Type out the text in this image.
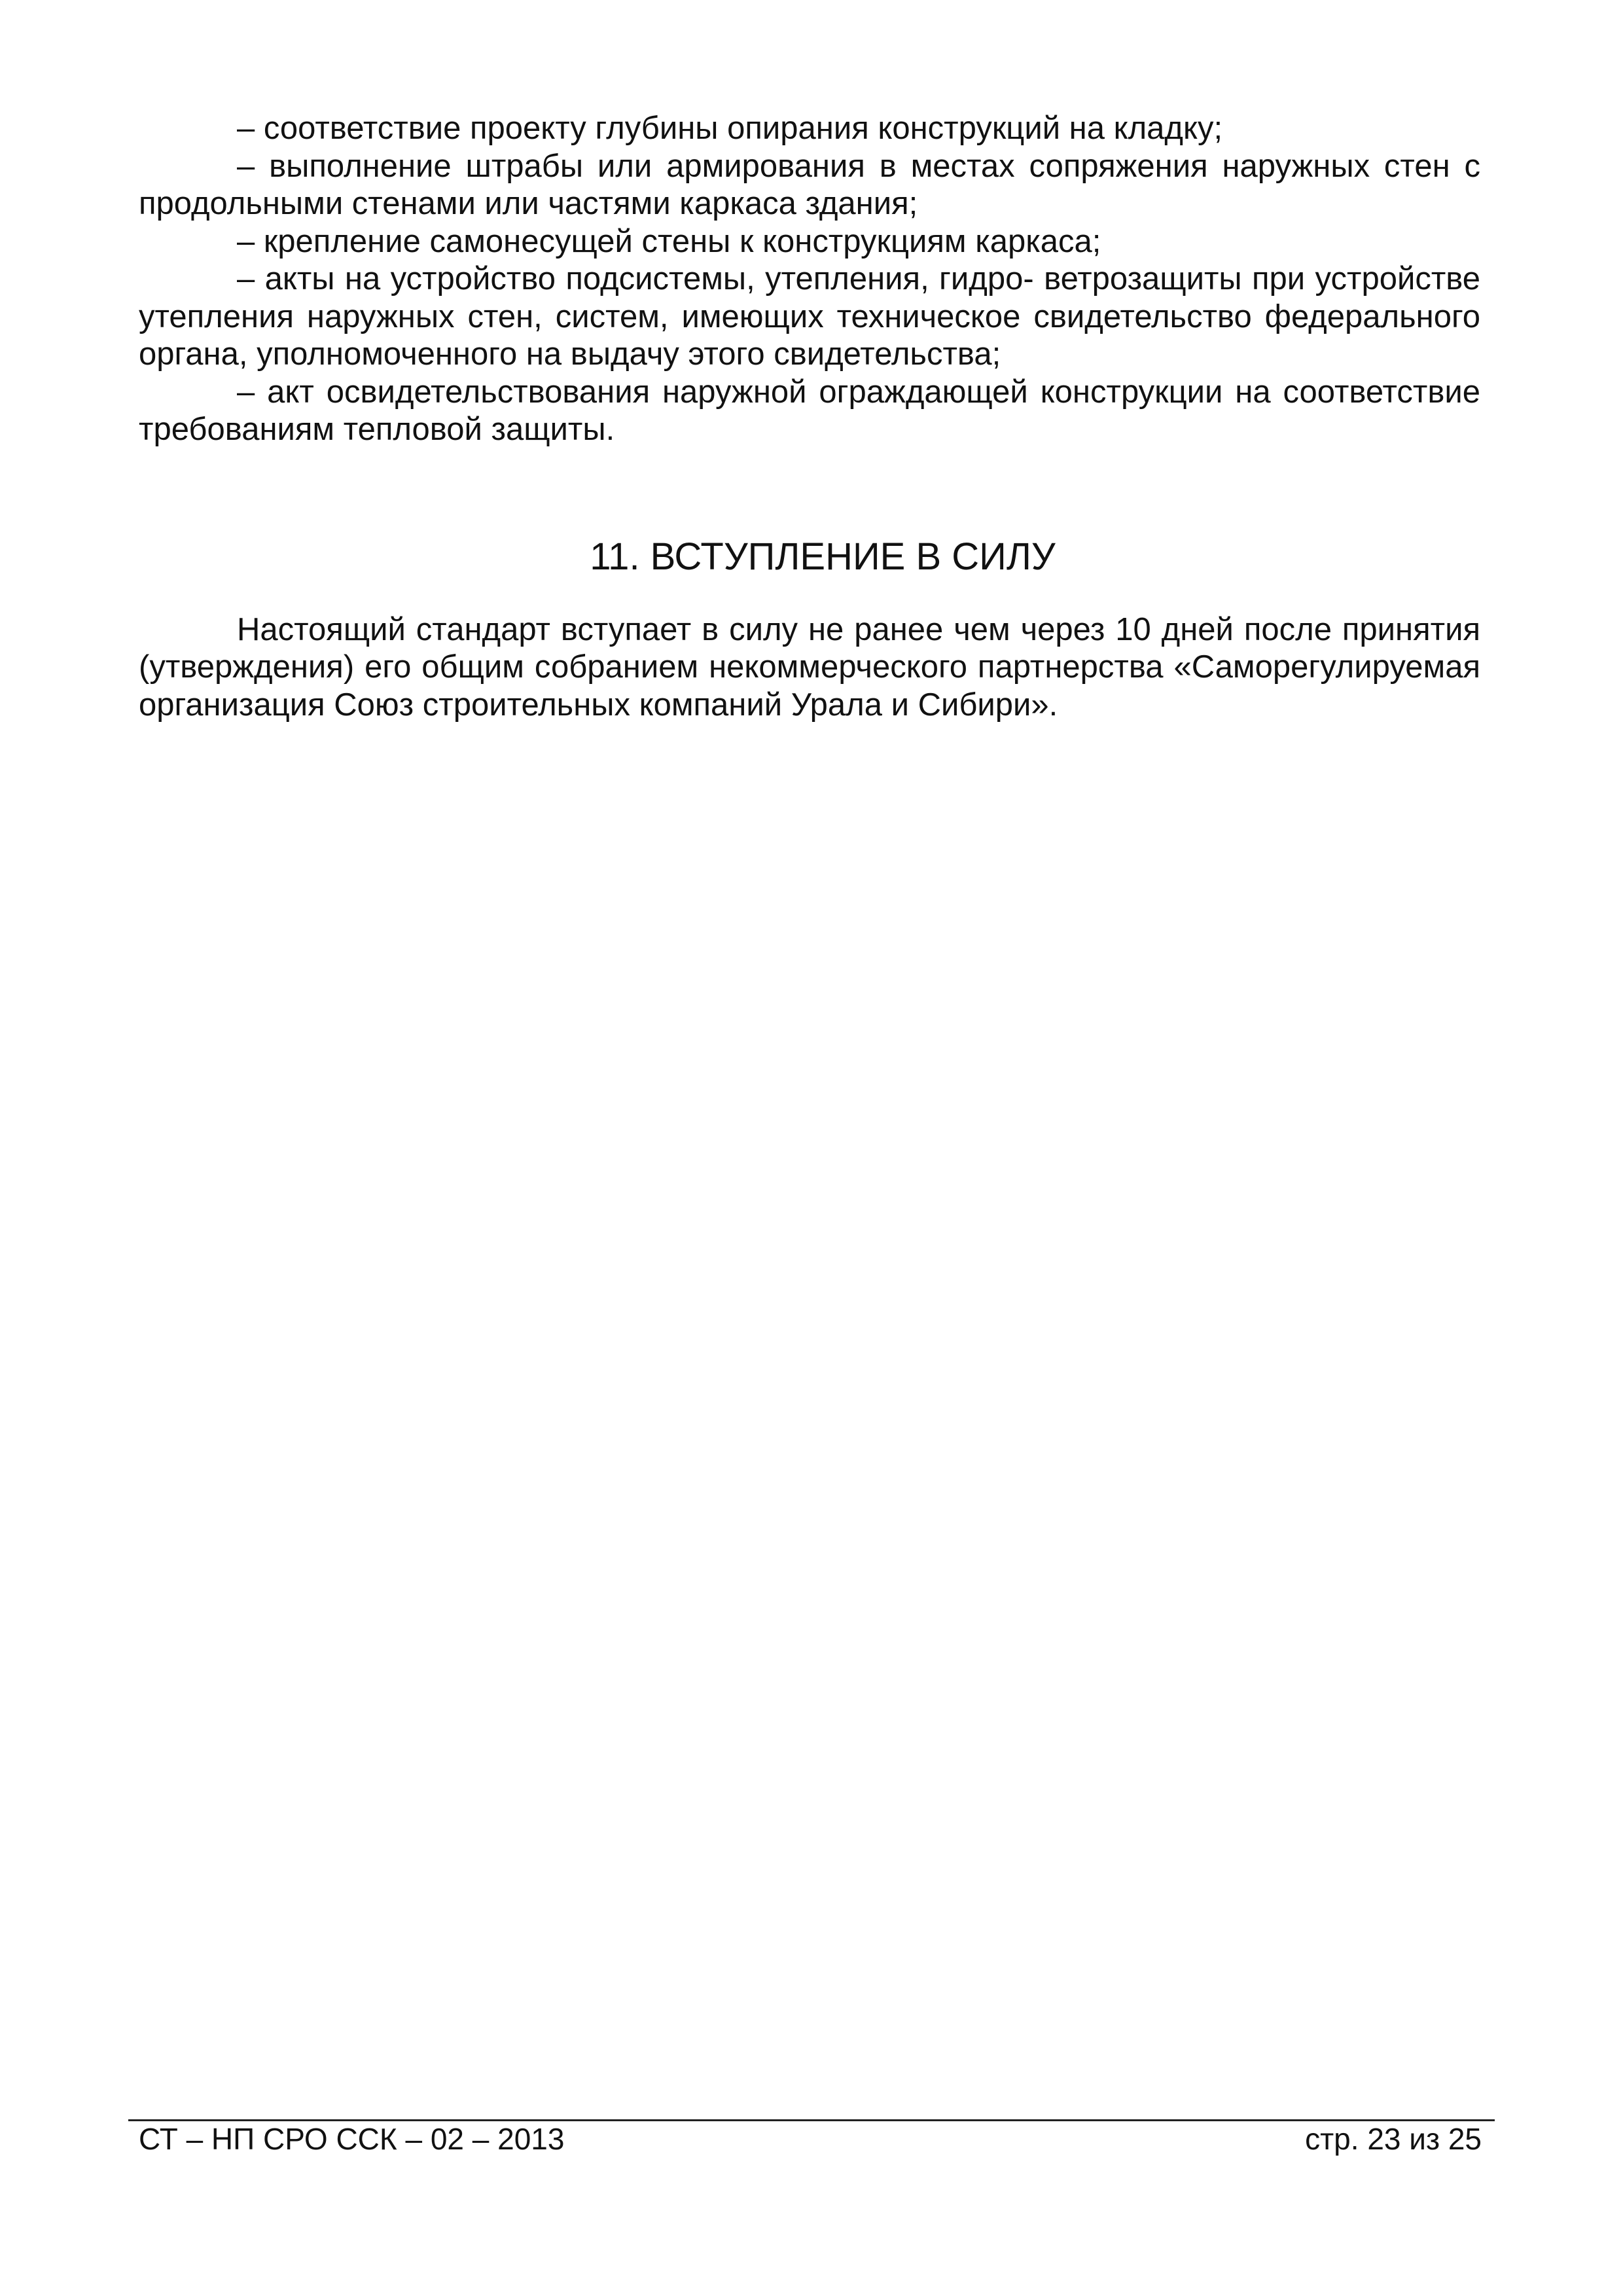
– соответствие проекту глубины опирания конструкций на кладку;

– выполнение штрабы или армирования в местах сопряжения наружных стен с продольными стенами или частями каркаса здания;

– крепление самонесущей стены к конструкциям каркаса;

– акты на устройство подсистемы, утепления, гидро- ветрозащиты при устройстве утепления наружных стен, систем, имеющих техническое свидетельство федерального органа, уполномоченного на выдачу этого свидетельства;

– акт освидетельствования наружной ограждающей конструкции на соответствие требованиям тепловой защиты.

11. ВСТУПЛЕНИЕ В СИЛУ

Настоящий стандарт вступает в силу не ранее чем через 10 дней после принятия (утверждения) его общим собранием некоммерческого партнерства «Саморегулируемая организация Союз строительных компаний Урала и Сибири».

СТ – НП СРО ССК – 02 – 2013	стр. 23 из 25
